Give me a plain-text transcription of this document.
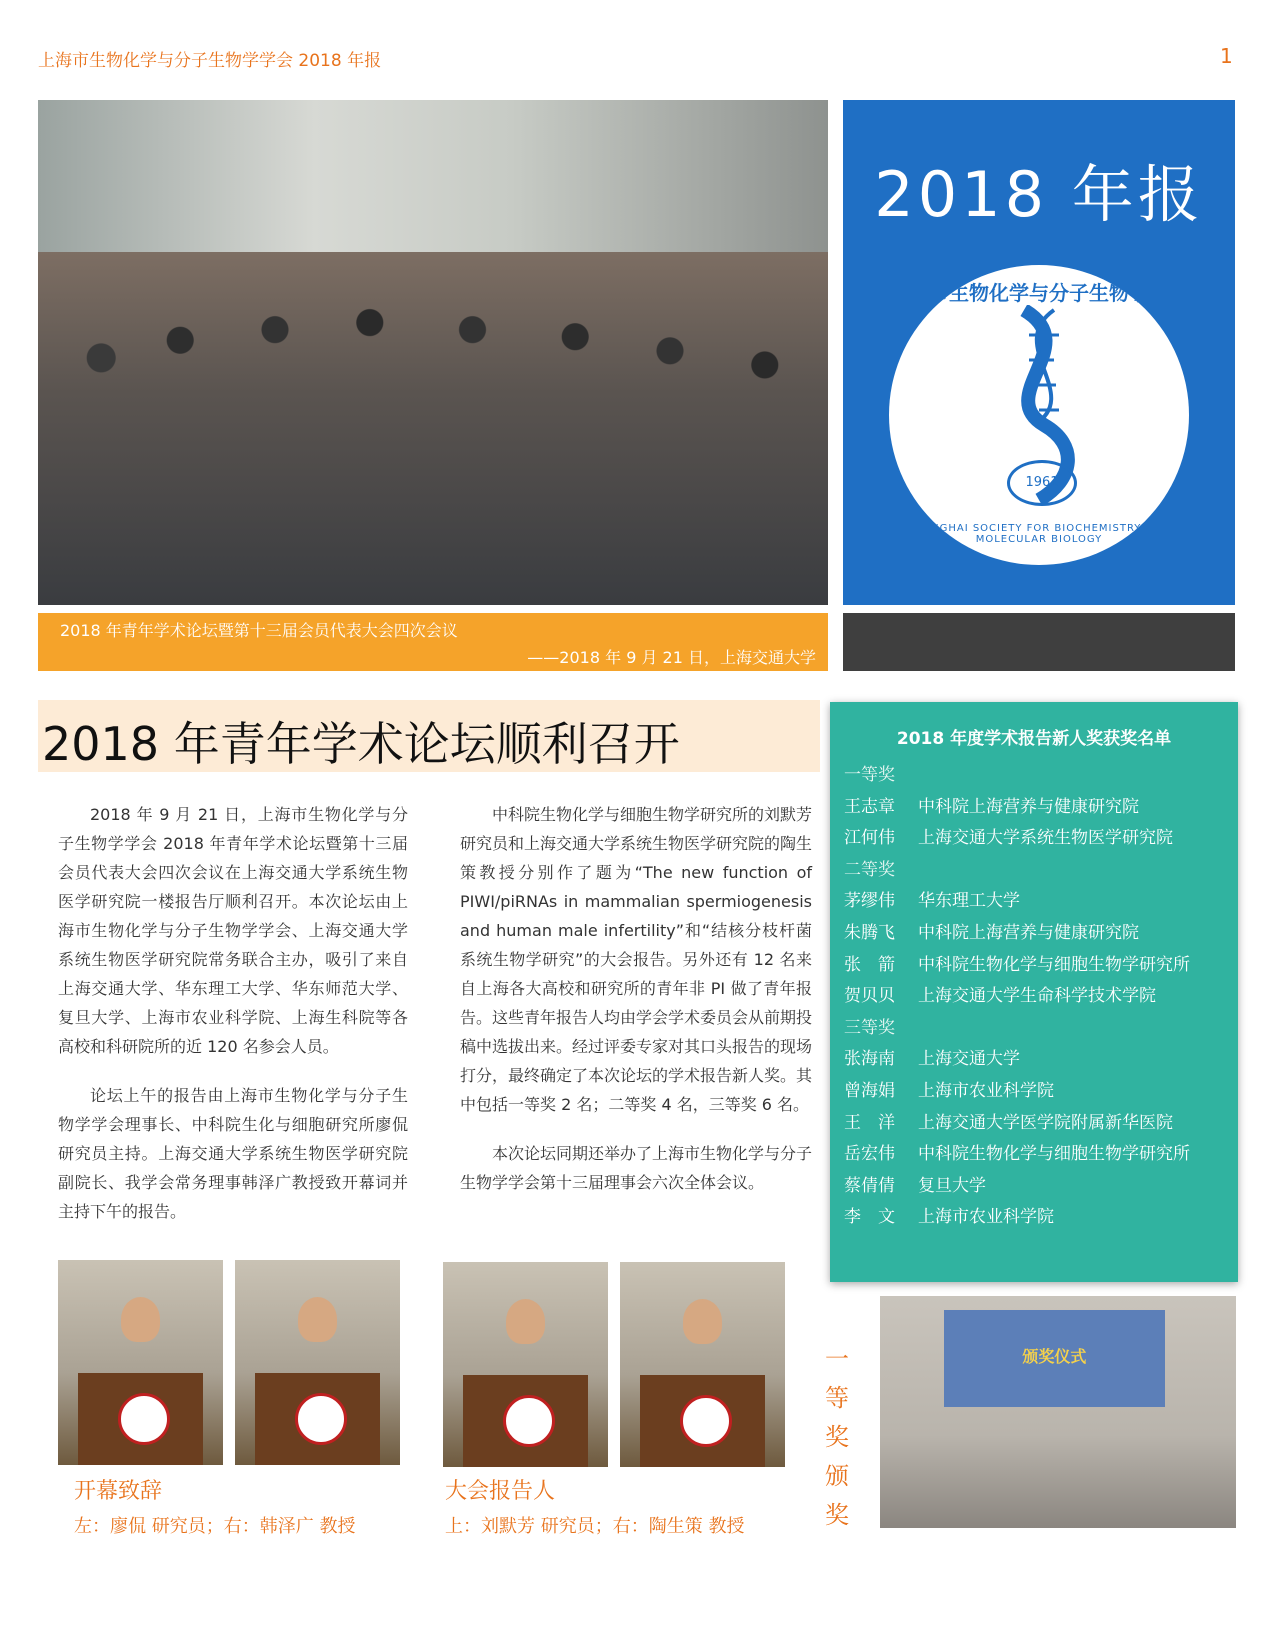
上海市生物化学与分子生物学学会 2018 年报	1
2018 年报
上海市生物化学与分子生物学学会
1961
SHANGHAI SOCIETY FOR BIOCHEMISTRY AND MOLECULAR BIOLOGY
2018 年青年学术论坛暨第十三届会员代表大会四次会议
——2018 年 9 月 21 日，上海交通大学
2018 年青年学术论坛顺利召开

2018 年 9 月 21 日，上海市生物化学与分子生物学学会 2018 年青年学术论坛暨第十三届会员代表大会四次会议在上海交通大学系统生物医学研究院一楼报告厅顺利召开。本次论坛由上海市生物化学与分子生物学学会、上海交通大学系统生物医学研究院常务联合主办，吸引了来自上海交通大学、华东理工大学、华东师范大学、复旦大学、上海市农业科学院、上海生科院等各高校和科研院所的近 120 名参会人员。

论坛上午的报告由上海市生物化学与分子生物学学会理事长、中科院生化与细胞研究所廖侃研究员主持。上海交通大学系统生物医学研究院副院长、我学会常务理事韩泽广教授致开幕词并主持下午的报告。

中科院生物化学与细胞生物学研究所的刘默芳研究员和上海交通大学系统生物医学研究院的陶生策教授分别作了题为“The new function of PIWI/piRNAs in mammalian spermiogenesis and human male infertility”和“结核分枝杆菌系统生物学研究”的大会报告。另外还有 12 名来自上海各大高校和研究所的青年非 PI 做了青年报告。这些青年报告人均由学会学术委员会从前期投稿中选拔出来。经过评委专家对其口头报告的现场打分，最终确定了本次论坛的学术报告新人奖。其中包括一等奖 2 名；二等奖 4 名，三等奖 6 名。

本次论坛同期还举办了上海市生物化学与分子生物学学会第十三届理事会六次全体会议。

2018 年度学术报告新人奖获奖名单
一等奖
王志章 中科院上海营养与健康研究院
江何伟 上海交通大学系统生物医学研究院
二等奖
茅缪伟 华东理工大学
朱腾飞 中科院上海营养与健康研究院
张　箭 中科院生物化学与细胞生物学研究所
贺贝贝 上海交通大学生命科学技术学院
三等奖
张海南 上海交通大学
曾海娟 上海市农业科学院
王　洋 上海交通大学医学院附属新华医院
岳宏伟 中科院生物化学与细胞生物学研究所
蔡倩倩 复旦大学
李　文 上海市农业科学院
颁奖仪式
开幕致辞
左：廖侃 研究员；右：韩泽广 教授
大会报告人
上：刘默芳 研究员；右：陶生策 教授
一
等
奖
颁
奖
